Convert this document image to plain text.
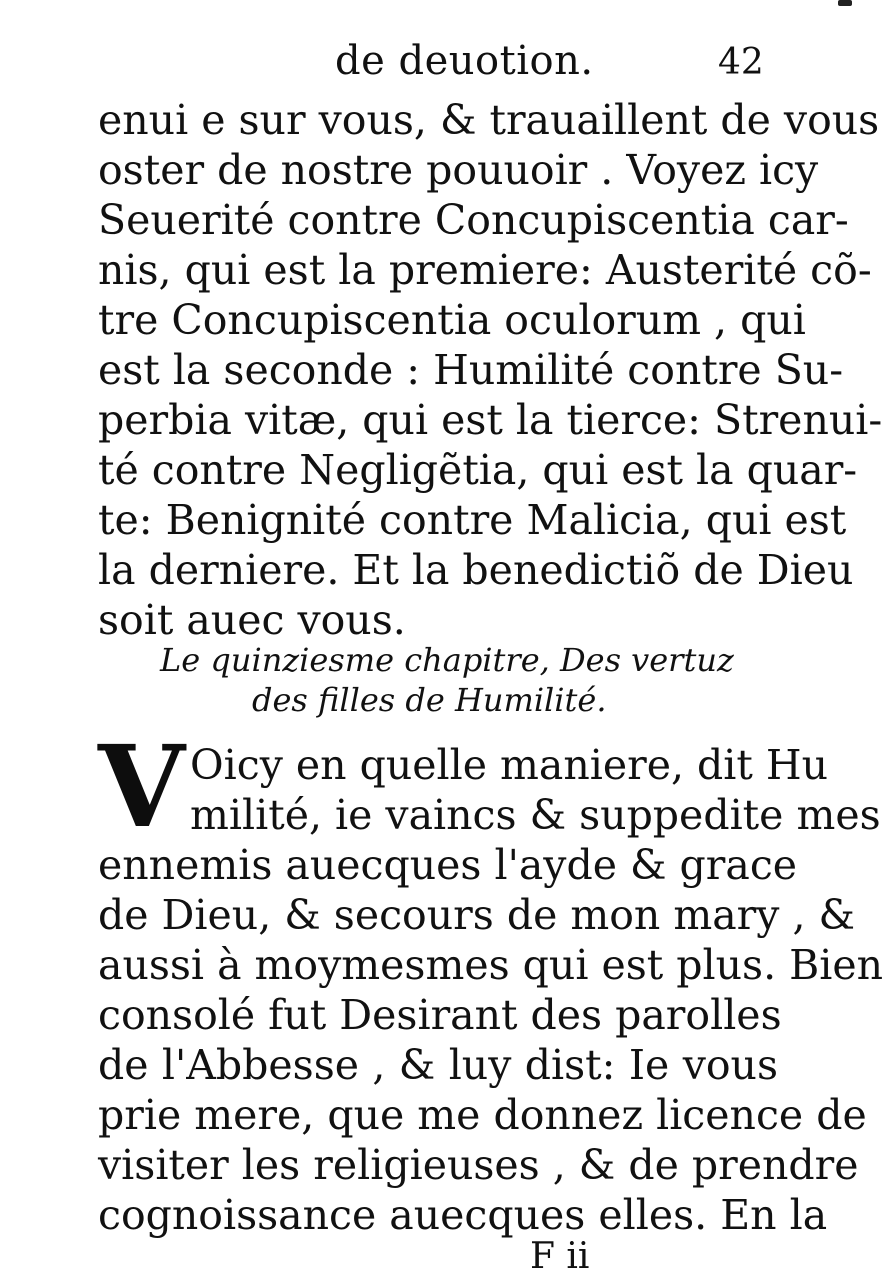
de deuotion.	42
enui e sur vous, & trauaillent de vous
oster de nostre pouuoir . Voyez icy
Seuerité contre Concupiscentia car-
nis, qui est la premiere: Austerité cõ-
tre Concupiscentia oculorum , qui
est la seconde : Humilité contre Su-
perbia vitæ, qui est la tierce: Strenui-
té contre Negligẽtia, qui est la quar-
te: Benignité contre Malicia, qui est
la derniere. Et la benedictiõ de Dieu
soit auec vous.
Le quinziesme chapitre, Des vertuz
des filles de Humilité.
V Oicy en quelle maniere, dit Hu
milité, ie vaincs & suppedite mes
ennemis auecques l'ayde & grace
de Dieu, & secours de mon mary , &
aussi à moymesmes qui est plus. Bien
consolé fut Desirant des parolles
de l'Abbesse , & luy dist: Ie vous
prie mere, que me donnez licence de
visiter les religieuses , & de prendre
cognoissance auecques elles. En la
F ii
